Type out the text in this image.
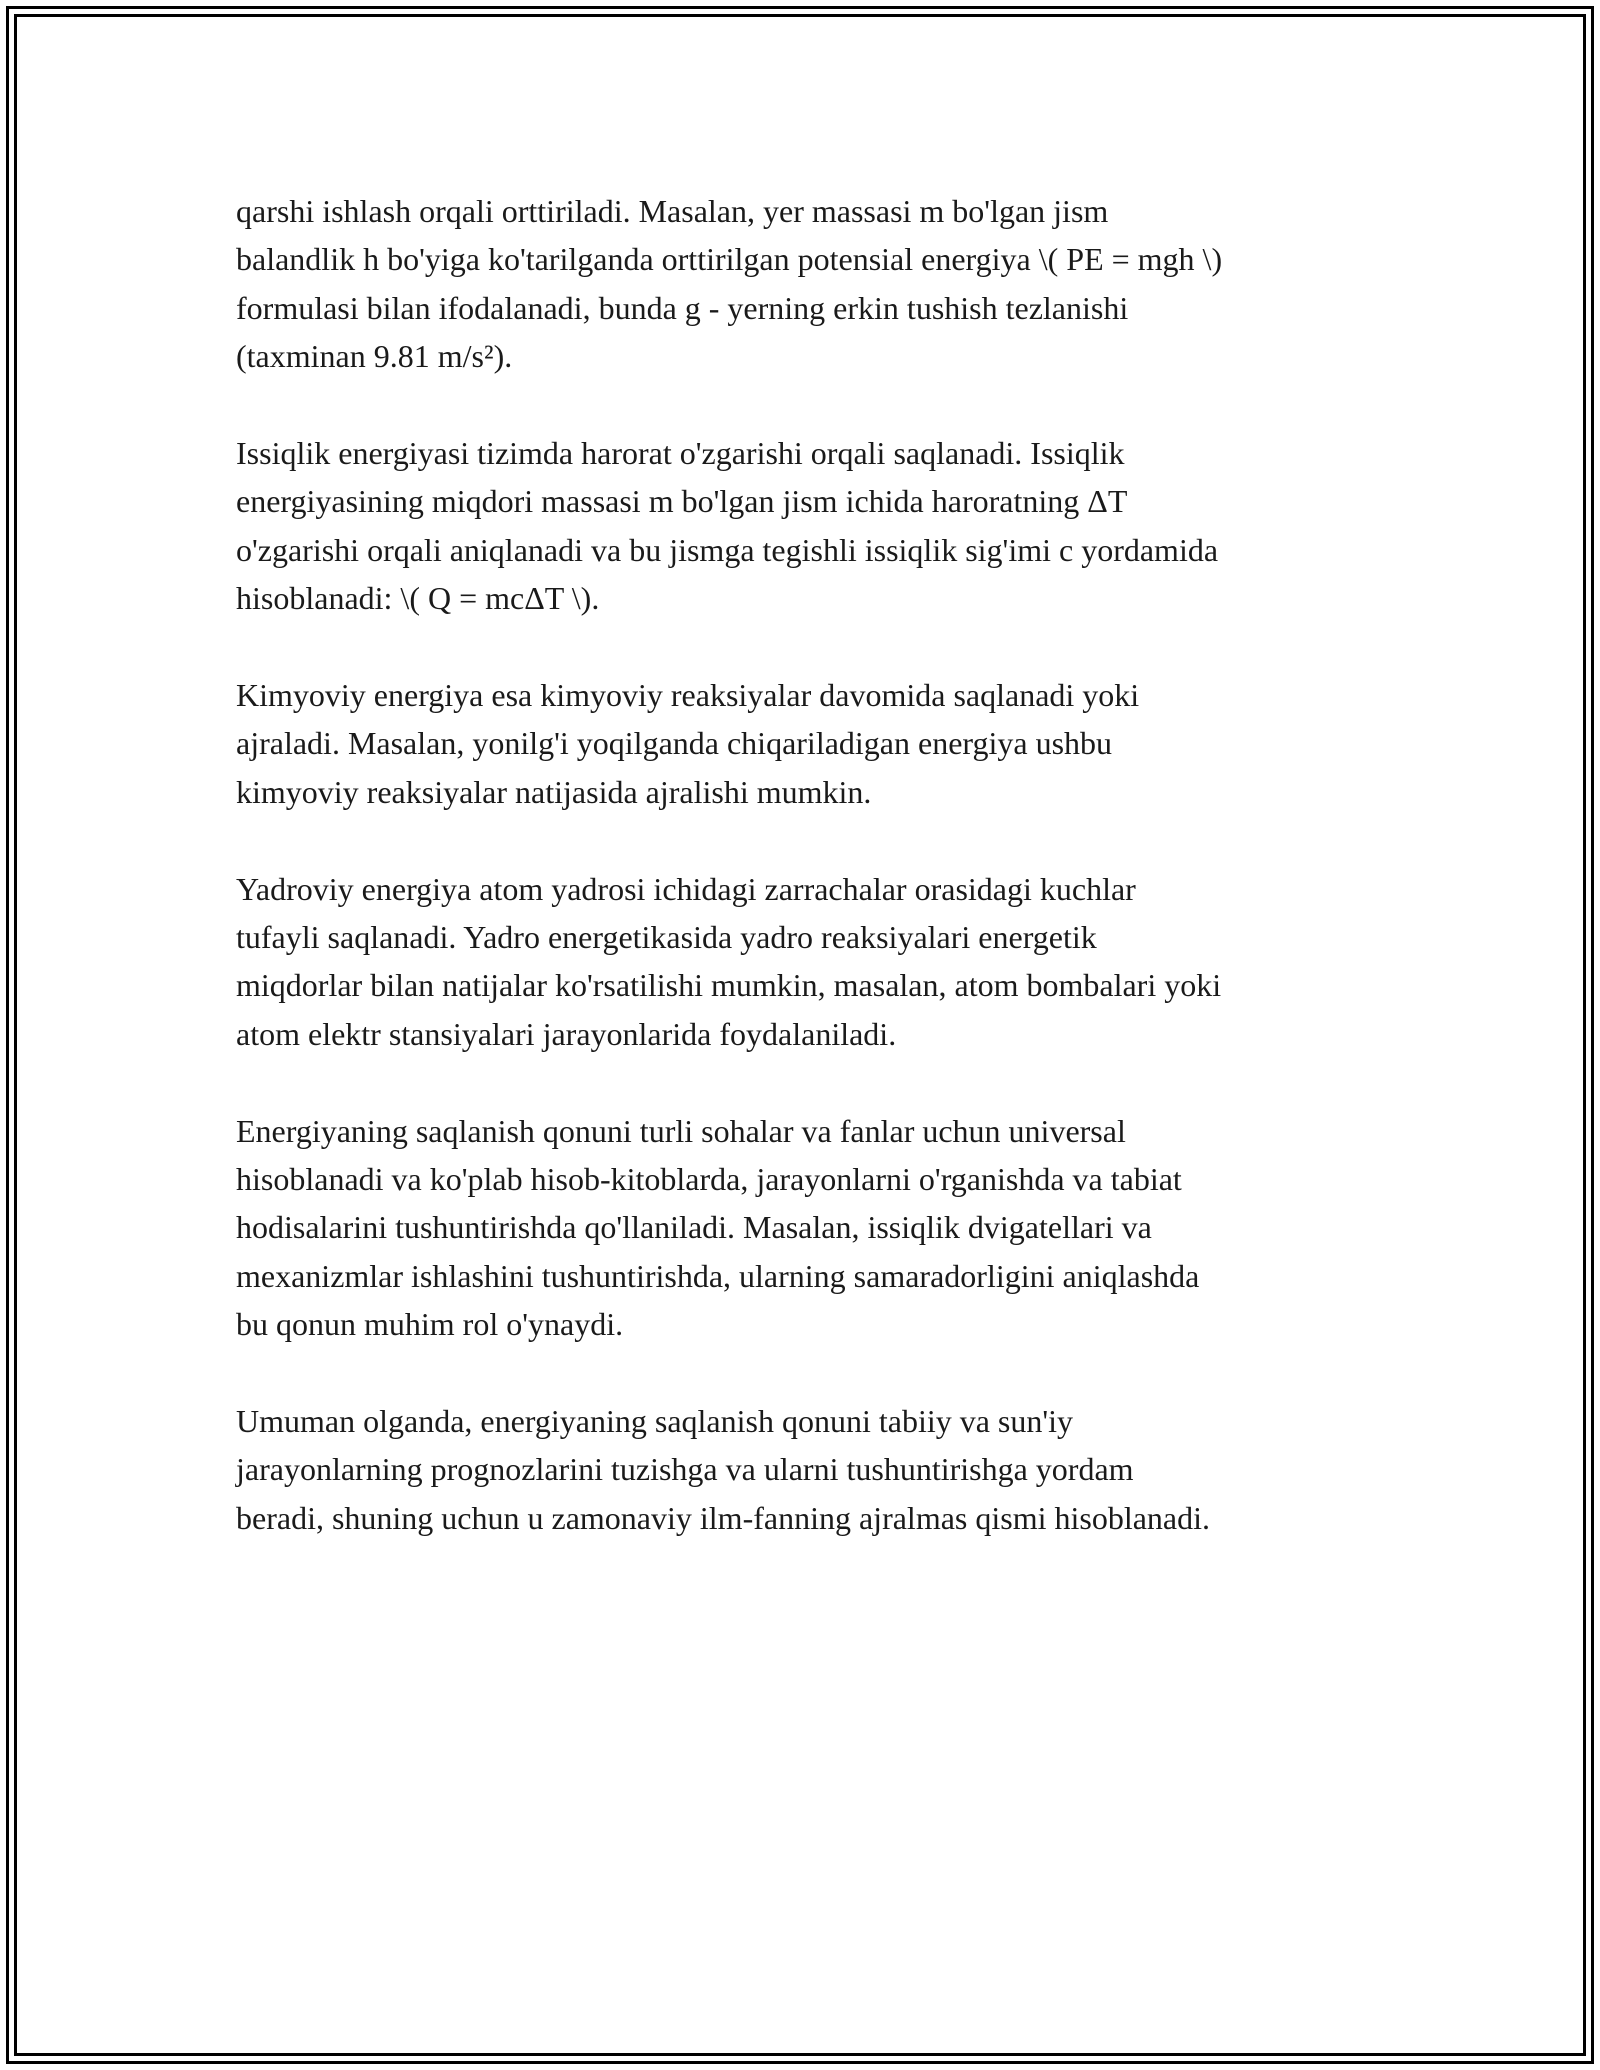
qarshi ishlash orqali orttiriladi. Masalan, yer massasi m bo'lgan jism
balandlik h bo'yiga ko'tarilganda orttirilgan potensial energiya \( PE = mgh \)
formulasi bilan ifodalanadi, bunda g - yerning erkin tushish tezlanishi
(taxminan 9.81 m/s²).

Issiqlik energiyasi tizimda harorat o'zgarishi orqali saqlanadi. Issiqlik
energiyasining miqdori massasi m bo'lgan jism ichida haroratning ΔT
o'zgarishi orqali aniqlanadi va bu jismga tegishli issiqlik sig'imi c yordamida
hisoblanadi: \( Q = mcΔT \).

Kimyoviy energiya esa kimyoviy reaksiyalar davomida saqlanadi yoki
ajraladi. Masalan, yonilg'i yoqilganda chiqariladigan energiya ushbu
kimyoviy reaksiyalar natijasida ajralishi mumkin.

Yadroviy energiya atom yadrosi ichidagi zarrachalar orasidagi kuchlar
tufayli saqlanadi. Yadro energetikasida yadro reaksiyalari energetik
miqdorlar bilan natijalar ko'rsatilishi mumkin, masalan, atom bombalari yoki
atom elektr stansiyalari jarayonlarida foydalaniladi.

Energiyaning saqlanish qonuni turli sohalar va fanlar uchun universal
hisoblanadi va ko'plab hisob-kitoblarda, jarayonlarni o'rganishda va tabiat
hodisalarini tushuntirishda qo'llaniladi. Masalan, issiqlik dvigatellari va
mexanizmlar ishlashini tushuntirishda, ularning samaradorligini aniqlashda
bu qonun muhim rol o'ynaydi.

Umuman olganda, energiyaning saqlanish qonuni tabiiy va sun'iy
jarayonlarning prognozlarini tuzishga va ularni tushuntirishga yordam
beradi, shuning uchun u zamonaviy ilm-fanning ajralmas qismi hisoblanadi.
